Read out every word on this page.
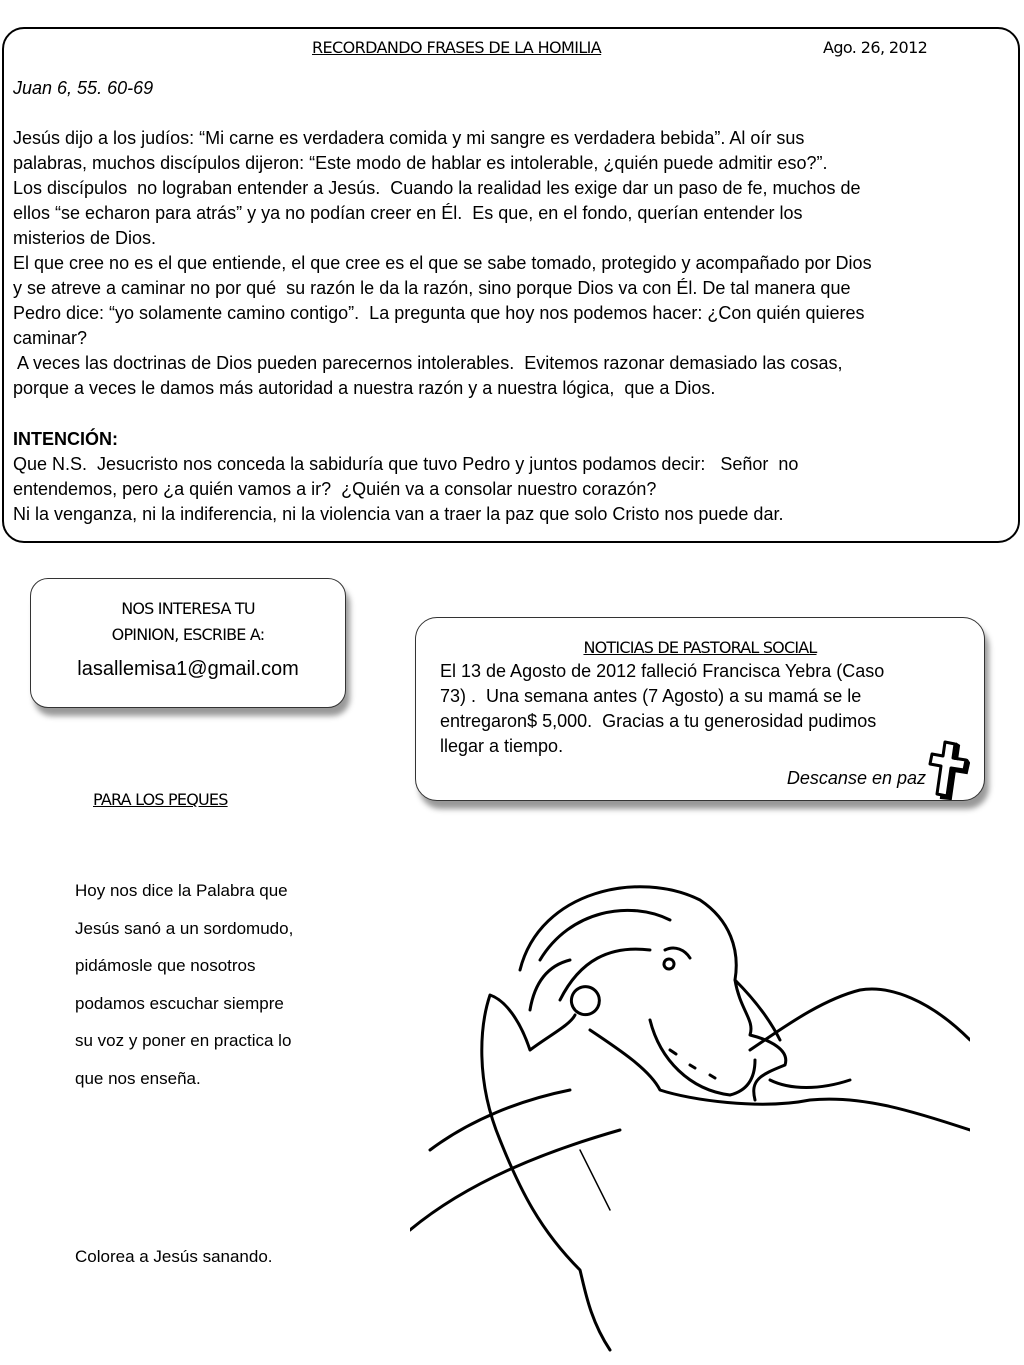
RECORDANDO FRASES DE LA HOMILIA	Ago. 26, 2012
Juan 6, 55. 60-69
Jesús dijo a los judíos: “Mi carne es verdadera comida y mi sangre es verdadera bebida”. Al oír sus
palabras, muchos discípulos dijeron: “Este modo de hablar es intolerable, ¿quién puede admitir eso?”.
Los discípulos  no lograban entender a Jesús.  Cuando la realidad les exige dar un paso de fe, muchos de
ellos “se echaron para atrás” y ya no podían creer en Él.  Es que, en el fondo, querían entender los
misterios de Dios.
El que cree no es el que entiende, el que cree es el que se sabe tomado, protegido y acompañado por Dios
y se atreve a caminar no por qué  su razón le da la razón, sino porque Dios va con Él. De tal manera que
Pedro dice: “yo solamente camino contigo”.  La pregunta que hoy nos podemos hacer: ¿Con quién quieres
caminar?
A veces las doctrinas de Dios pueden parecernos intolerables.  Evitemos razonar demasiado las cosas,
porque a veces le damos más autoridad a nuestra razón y a nuestra lógica,  que a Dios.
INTENCIÓN:
Que N.S.  Jesucristo nos conceda la sabiduría que tuvo Pedro y juntos podamos decir:   Señor  no
entendemos, pero ¿a quién vamos a ir?  ¿Quién va a consolar nuestro corazón?
Ni la venganza, ni la indiferencia, ni la violencia van a traer la paz que solo Cristo nos puede dar.
NOS INTERESA TU
OPINION, ESCRIBE A:
lasallemisa1@gmail.com
NOTICIAS DE PASTORAL SOCIAL
El 13 de Agosto de 2012 falleció Francisca Yebra (Caso
73) .  Una semana antes (7 Agosto) a su mamá se le
entregaron$ 5,000.  Gracias a tu generosidad pudimos
llegar a tiempo.
Descanse en paz
PARA LOS PEQUES
Hoy nos dice la Palabra que
Jesús sanó a un sordomudo,
pidámosle que nosotros
podamos escuchar siempre
su voz y poner en practica lo
que nos enseña.
Colorea a Jesús sanando.
